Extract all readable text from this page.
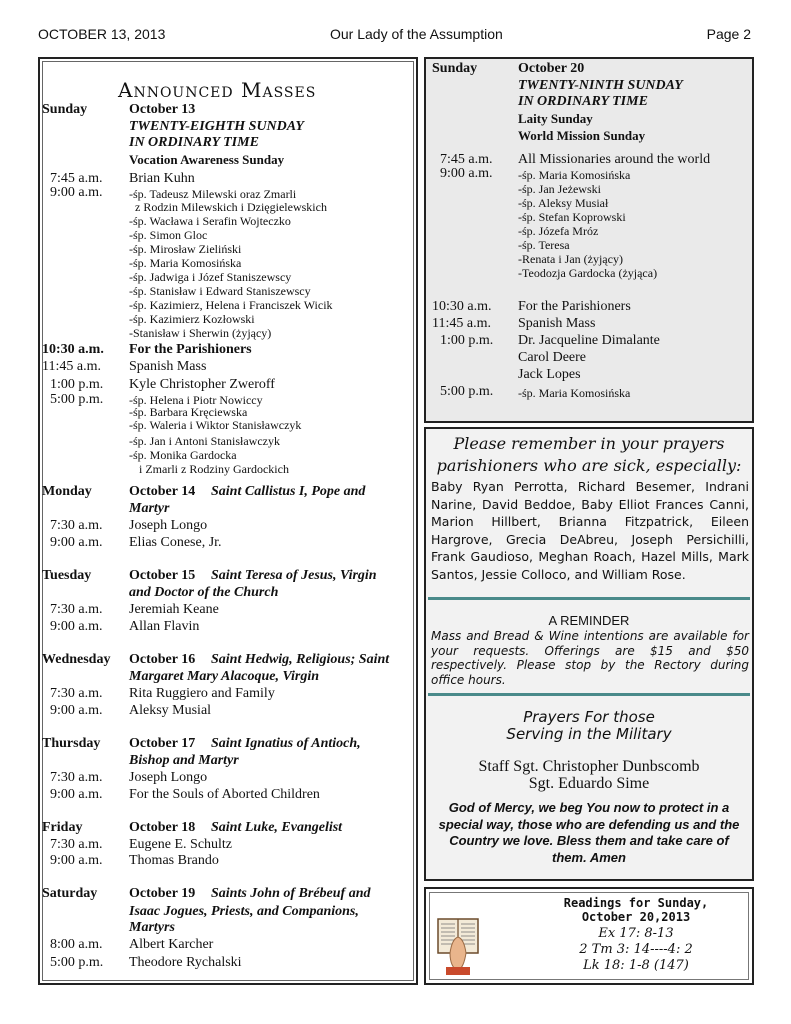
OCTOBER 13, 2013	Our Lady of the Assumption	Page 2
Announced Masses
Sunday	October 13
TWENTY-EIGHTH SUNDAY
IN ORDINARY TIME
Vocation Awareness Sunday
7:45 a.m. Brian Kuhn
9:00 a.m. -śp. Tadeusz Milewski oraz Zmarli
z Rodzin Milewskich i Dzięgielewskich
-śp. Wacława i Serafin Wojteczko
-śp. Simon Gloc
-śp. Mirosław Zieliński
-śp. Maria Komosińska
-śp. Jadwiga i Józef Staniszewscy
-śp. Stanisław i Edward Staniszewscy
-śp. Kazimierz, Helena i Franciszek Wicik
-śp. Kazimierz Kozłowski
-Stanisław i Sherwin (żyjący)
10:30 a.m. For the Parishioners
11:45 a.m. Spanish Mass
1:00 p.m. Kyle Christopher Zweroff
5:00 p.m. -śp. Helena i Piotr Nowiccy
-śp. Barbara Kręciewska
-śp. Waleria i Wiktor Stanisławczyk
-śp. Jan i Antoni Stanisławczyk
-śp. Monika Gardocka
i Zmarli z Rodziny Gardockich
Monday	October 14 Saint Callistus I, Pope and
Martyr
7:30 a.m. Joseph Longo
9:00 a.m. Elias Conese, Jr.
Tuesday	October 15 Saint Teresa of Jesus, Virgin
and Doctor of the Church
7:30 a.m. Jeremiah Keane
9:00 a.m. Allan Flavin
Wednesday October 16 Saint Hedwig, Religious; Saint
Margaret Mary Alacoque, Virgin
7:30 a.m. Rita Ruggiero and Family
9:00 a.m. Aleksy Musial
Thursday October 17 Saint Ignatius of Antioch,
Bishop and Martyr
7:30 a.m. Joseph Longo
9:00 a.m. For the Souls of Aborted Children
Friday	October 18 Saint Luke, Evangelist
7:30 a.m. Eugene E. Schultz
9:00 a.m. Thomas Brando
Saturday October 19 Saints John of Brébeuf and
Isaac Jogues, Priests, and Companions,
Martyrs
8:00 a.m. Albert Karcher
5:00 p.m. Theodore Rychalski
Sunday	October 20
TWENTY-NINTH SUNDAY
IN ORDINARY TIME
Laity Sunday
World Mission Sunday
7:45 a.m. All Missionaries around the world
9:00 a.m. -śp. Maria Komosińska
-śp. Jan Jeżewski
-śp. Aleksy Musiał
-śp. Stefan Koprowski
-śp. Józefa Mróz
-śp. Teresa
-Renata i Jan (żyjący)
-Teodozja Gardocka (żyjąca)
10:30 a.m. For the Parishioners
11:45 a.m. Spanish Mass
1:00 p.m. Dr. Jacqueline Dimalante
Carol Deere
Jack Lopes
5:00 p.m. -śp. Maria Komosińska
Please remember in your prayers
parishioners who are sick, especially:
Baby Ryan Perrotta, Richard Besemer, Indrani Narine, David Beddoe, Baby Elliot Frances Canni, Marion Hillbert, Brianna Fitzpatrick, Eileen Hargrove, Grecia DeAbreu, Joseph Persichilli, Frank Gaudioso, Meghan Roach, Hazel Mills, Mark Santos, Jessie Colloco, and William Rose.
A REMINDER
Mass and Bread & Wine intentions are available for your requests. Offerings are $15 and $50 respectively. Please stop by the Rectory during office hours.
Prayers For those
Serving in the Military
Staff Sgt. Christopher Dunbscomb
Sgt. Eduardo Sime
God of Mercy, we beg You now to protect in a special way, those who are defending us and the Country we love. Bless them and take care of them. Amen
Readings for Sunday,
October 20,2013
Ex 17: 8-13
2 Tm 3: 14----4: 2
Lk 18: 1-8 (147)
